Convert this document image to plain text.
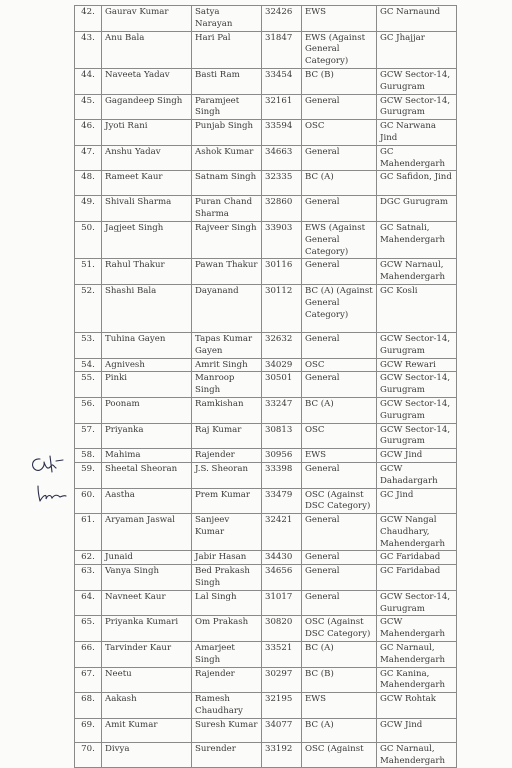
42.	Gaurav Kumar	Satya Narayan	32426	EWS	GC Narnaund
43.	Anu Bala	Hari Pal	31847	EWS (Against General Category)	GC Jhajjar
44.	Naveeta Yadav	Basti Ram	33454	BC (B)	GCW Sector-14, Gurugram
45.	Gagandeep Singh	Paramjeet Singh	32161	General	GCW Sector-14, Gurugram
46.	Jyoti Rani	Punjab Singh	33594	OSC	GC Narwana Jind
47.	Anshu Yadav	Ashok Kumar	34663	General	GC Mahendergarh
48.	Rameet Kaur	Satnam Singh	32335	BC (A)	GC Safidon, Jind
49.	Shivali Sharma	Puran Chand Sharma	32860	General	DGC Gurugram
50.	Jagjeet Singh	Rajveer Singh	33903	EWS (Against General Category)	GC Satnali, Mahendergarh
51.	Rahul Thakur	Pawan Thakur	30116	General	GCW Narnaul, Mahendergarh
52.	Shashi Bala	Dayanand	30112	BC (A) (Against General Category)	GC Kosli
53.	Tuhina Gayen	Tapas Kumar Gayen	32632	General	GCW Sector-14, Gurugram
54.	Agnivesh	Amrit Singh	34029	OSC	GCW Rewari
55.	Pinki	Manroop Singh	30501	General	GCW Sector-14, Gurugram
56.	Poonam	Ramkishan	33247	BC (A)	GCW Sector-14, Gurugram
57.	Priyanka	Raj Kumar	30813	OSC	GCW Sector-14, Gurugram
58.	Mahima	Rajender	30956	EWS	GCW Jind
59.	Sheetal Sheoran	J.S. Sheoran	33398	General	GCW Dahadargarh
60.	Aastha	Prem Kumar	33479	OSC (Against DSC Category)	GC Jind
61.	Aryaman Jaswal	Sanjeev Kumar	32421	General	GCW Nangal Chaudhary, Mahendergarh
62.	Junaid	Jabir Hasan	34430	General	GC Faridabad
63.	Vanya Singh	Bed Prakash Singh	34656	General	GC Faridabad
64.	Navneet Kaur	Lal Singh	31017	General	GCW Sector-14, Gurugram
65.	Priyanka Kumari	Om Prakash	30820	OSC (Against DSC Category)	GCW Mahendergarh
66.	Tarvinder Kaur	Amarjeet Singh	33521	BC (A)	GC Narnaul, Mahendergarh
67.	Neetu	Rajender	30297	BC (B)	GC Kanina, Mahendergarh
68.	Aakash	Ramesh Chaudhary	32195	EWS	GCW Rohtak
69.	Amit Kumar	Suresh Kumar	34077	BC (A)	GCW Jind
70.	Divya	Surender	33192	OSC (Against	GC Narnaul, Mahendergarh
